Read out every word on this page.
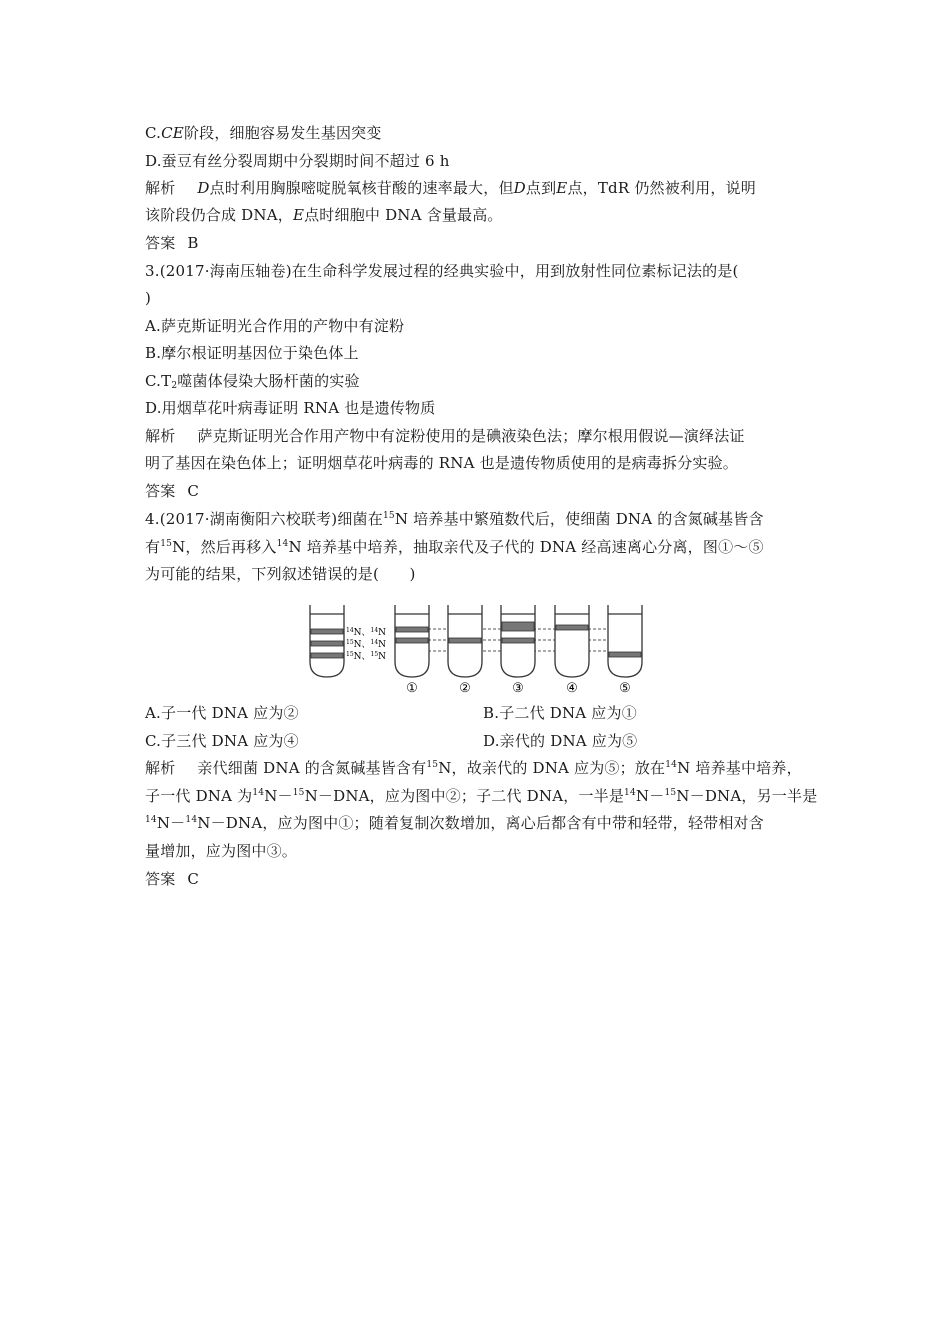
C.CE阶段，细胞容易发生基因突变
D.蚕豆有丝分裂周期中分裂期时间不超过 6 h
解析 D点时利用胸腺嘧啶脱氧核苷酸的速率最大，但D点到E点，TdR 仍然被利用，说明
该阶段仍合成 DNA，E点时细胞中 DNA 含量最高。
答案 B
3.(2017·海南压轴卷)在生命科学发展过程的经典实验中，用到放射性同位素标记法的是(
)
A.萨克斯证明光合作用的产物中有淀粉
B.摩尔根证明基因位于染色体上
$C.T_2$噬菌体侵染大肠杆菌的实验
D.用烟草花叶病毒证明 RNA 也是遗传物质
解析 萨克斯证明光合作用产物中有淀粉使用的是碘液染色法；摩尔根用假说—演绎法证
明了基因在染色体上；证明烟草花叶病毒的 RNA 也是遗传物质使用的是病毒拆分实验。
答案 C
4.(2017·湖南衡阳六校联考)细菌在$^{15}$N 培养基中繁殖数代后，使细菌 DNA 的含氮碱基皆含
有$^{15}$N，然后再移入$^{14}$N 培养基中培养，抽取亲代及子代的 DNA 经高速离心分离，图①～⑤
为可能的结果，下列叙述错误的是(　　)
$^{14}$N、$^{14}$N
$^{15}$N、$^{14}$N
$^{15}$N、$^{15}$N
①	②	③	④	⑤
A.子一代 DNA 应为②	B.子二代 DNA 应为①
C.子三代 DNA 应为④	D.亲代的 DNA 应为⑤
解析 亲代细菌 DNA 的含氮碱基皆含有$^{15}$N，故亲代的 DNA 应为⑤；放在$^{14}$N 培养基中培养，
子一代 DNA 为$^{14}$N－$^{15}$N－DNA，应为图中②；子二代 DNA，一半是$^{14}$N－$^{15}$N－DNA，另一半是
$^{14}$N－$^{14}$N－DNA，应为图中①；随着复制次数增加，离心后都含有中带和轻带，轻带相对含
量增加，应为图中③。
答案 C
